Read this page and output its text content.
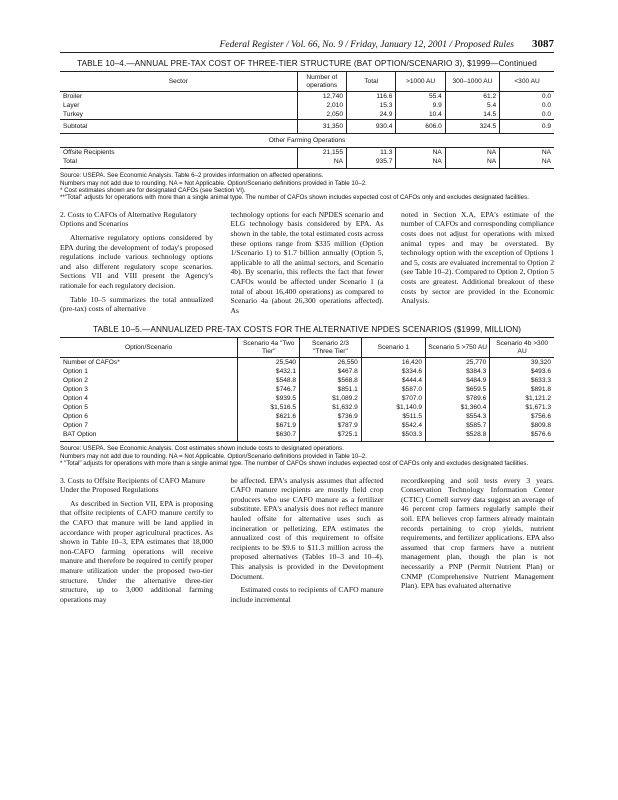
Federal Register / Vol. 66, No. 9 / Friday, January 12, 2001 / Proposed Rules 3087
TABLE 10–4.—ANNUAL PRE-TAX COST OF THREE-TIER STRUCTURE (BAT OPTION/SCENARIO 3), $1999—Continued
Sector	Number of operations	Total	>1000 AU	300–1000 AU	<300 AU
Broiler	12,740	116.6	55.4	61.2	0.0
Layer	2,010	15.3	9.9	5.4	0.0
Turkey	2,050	24.9	10.4	14.5	0.0
Subtotal	31,350	930.4	606.0	324.5	0.9
Other Farming Operations					
Offsite Recipients	21,155	11.3	NA	NA	NA
Total	NA	935.7	NA	NA	NA
Source: USEPA. See Economic Analysis. Table 6–2 provides information on affected operations.
Numbers may not add due to rounding. NA = Not Applicable. Option/Scenario definitions provided in Table 10–2.
* Cost estimates shown are for designated CAFOs (see Section VI).
**"Total" adjusts for operations with more than a single animal type. The number of CAFOs shown includes expected cost of CAFOs only and excludes designated facilities.

2. Costs to CAFOs of Alternative Regulatory Options and Scenarios

Alternative regulatory options considered by EPA during the development of today's proposed regulations include various technology options and also different regulatory scope scenarios. Sections VII and VIII present the Agency's rationale for each regulatory decision.

Table 10–5 summarizes the total annualized (pre-tax) costs of alternative

technology options for each NPDES scenario and ELG technology basis considered by EPA. As shown in the table, the total estimated costs across these options range from $335 million (Option 1/Scenario 1) to $1.7 billion annually (Option 5, applicable to all the animal sectors, and Scenario 4b). By scenario, this reflects the fact that fewer CAFOs would be affected under Scenario 1 (a total of about 16,400 operations) as compared to Scenario 4a (about 26,300 operations affected). As

noted in Section X.A, EPA's estimate of the number of CAFOs and corresponding compliance costs does not adjust for operations with mixed animal types and may be overstated. By technology option with the exception of Options 1 and 5, costs are evaluated incremental to Option 2 (see Table 10–2). Compared to Option 2, Option 5 costs are greatest. Additional breakout of these costs by sector are provided in the Economic Analysis.

TABLE 10–5.—ANNUALIZED PRE-TAX COSTS FOR THE ALTERNATIVE NPDES SCENARIOS ($1999, MILLION)
Option/Scenario	Scenario 4a "Two Tier"	Scenario 2/3 "Three Tier"	Scenario 1	Scenario 5 >750 AU	Scenario 4b >300 AU
Number of CAFOs*	25,540	26,550	16,420	25,770	39,320
Option 1	$432.1	$467.8	$334.6	$384.3	$493.6
Option 2	$548.8	$568.8	$444.4	$484.9	$633.3
Option 3	$746.7	$851.1	$587.0	$659.5	$891.8
Option 4	$939.5	$1,089.2	$707.0	$789.6	$1,121.2
Option 5	$1,516.5	$1,632.9	$1,140.9	$1,360.4	$1,671.3
Option 6	$621.6	$736.9	$511.5	$554.3	$756.6
Option 7	$671.9	$787.9	$542.4	$585.7	$809.8
BAT Option	$630.7	$725.1	$503.3	$528.8	$576.6
Source: USEPA. See Economic Analysis. Cost estimates shown include costs to designated operations.
Numbers may not add due to rounding. NA = Not Applicable. Option/Scenario definitions provided in Table 10–2.
* "Total" adjusts for operations with more than a single animal type. The number of CAFOs shown includes expected cost of CAFOs only and excludes designated facilities.

3. Costs to Offsite Recipients of CAFO Manure Under the Proposed Regulations

As described in Section VII, EPA is proposing that offsite recipients of CAFO manure certify to the CAFO that manure will be land applied in accordance with proper agricultural practices. As shown in Table 10–3, EPA estimates that 18,000 non-CAFO farming operations will receive manure and therefore be required to certify proper manure utilization under the proposed two-tier structure. Under the alternative three-tier structure, up to 3,000 additional farming operations may

be affected. EPA's analysis assumes that affected CAFO manure recipients are mostly field crop producers who use CAFO manure as a fertilizer substitute. EPA's analysis does not reflect manure hauled offsite for alternative uses such as incineration or pelletizing. EPA estimates the annualized cost of this requirement to offsite recipients to be $9.6 to $11.3 million across the proposed alternatives (Tables 10–3 and 10–4). This analysis is provided in the Development Document.

Estimated costs to recipients of CAFO manure include incremental

recordkeeping and soil tests every 3 years. Conservation Technology Information Center (CTIC) Cornell survey data suggest an average of 46 percent crop farmers regularly sample their soil. EPA believes crop farmers already maintain records pertaining to crop yields, nutrient requirements, and fertilizer applications. EPA also assumed that crop farmers have a nutrient management plan, though the plan is not necessarily a PNP (Permit Nutrient Plan) or CNMP (Comprehensive Nutrient Management Plan). EPA has evaluated alternative
